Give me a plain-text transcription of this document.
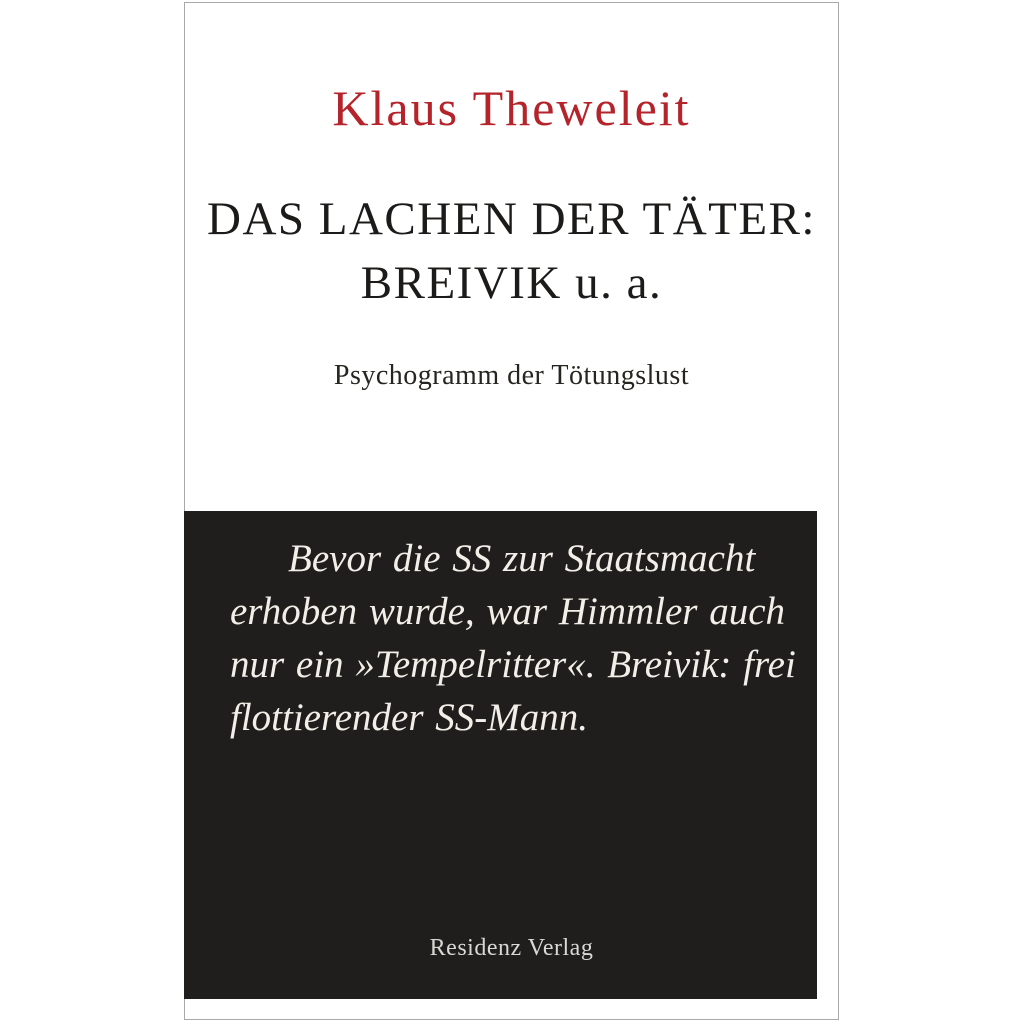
Klaus Theweleit
DAS LACHEN DER TÄTER:
BREIVIK u. a.
Psychogramm der Tötungslust
Bevor die SS zur Staatsmacht
erhoben wurde, war Himmler auch
nur ein »Tempelritter«. Breivik: frei
flottierender SS-Mann.
Residenz Verlag
